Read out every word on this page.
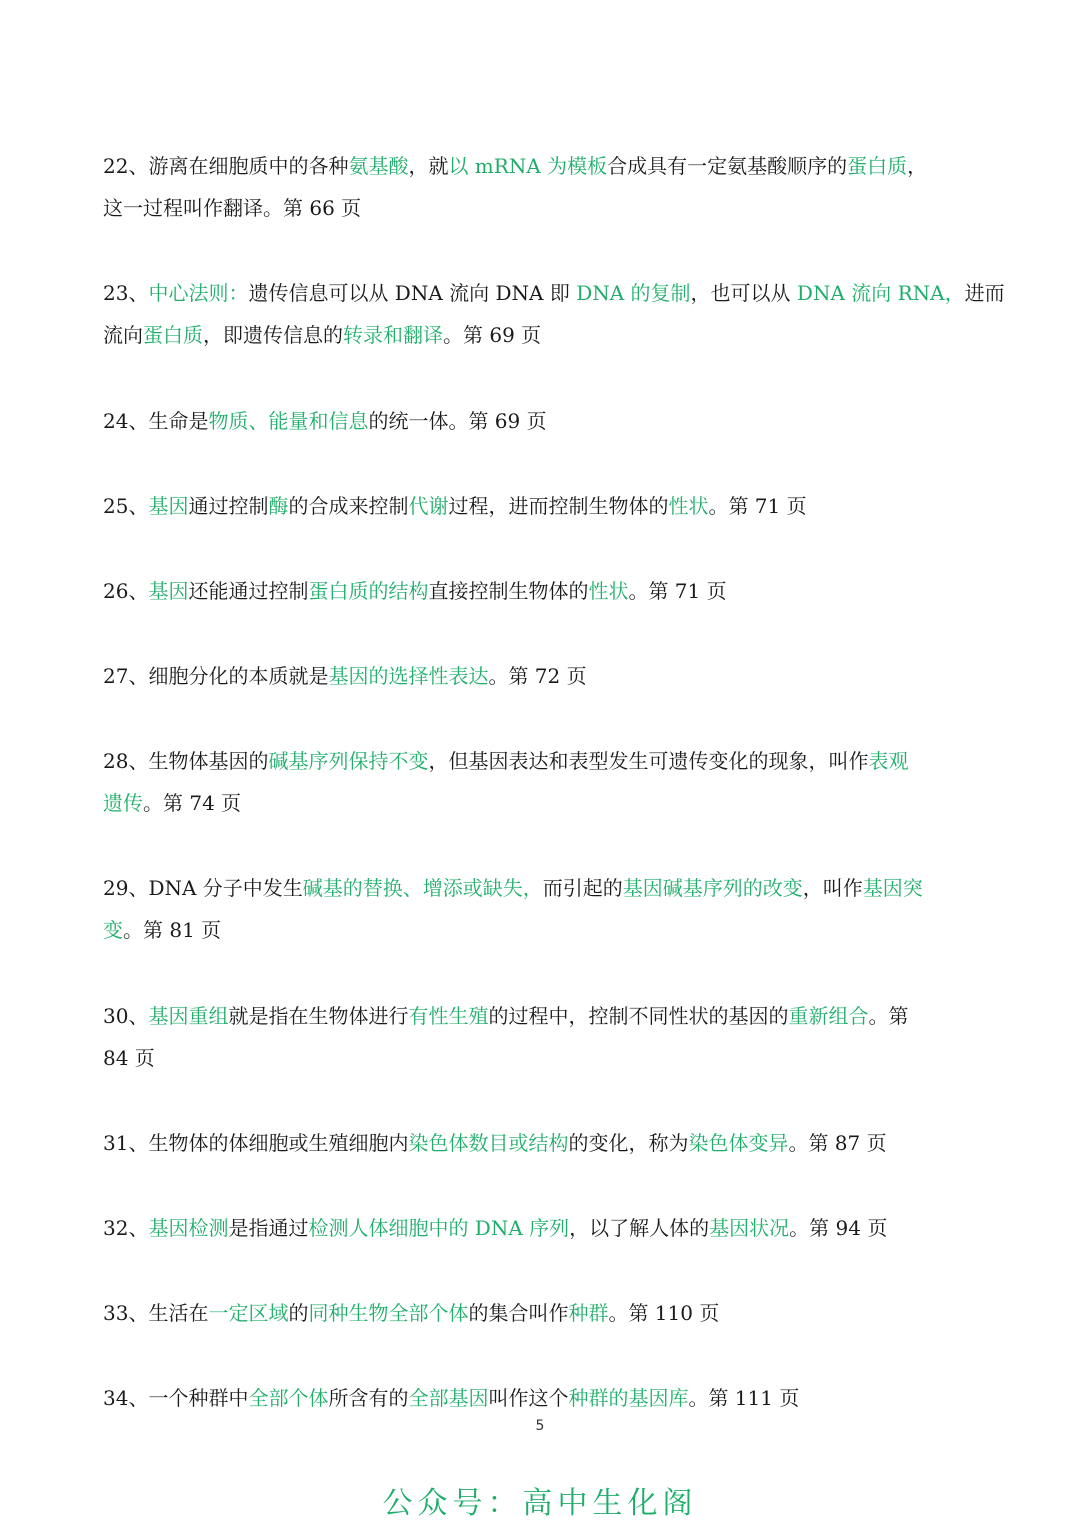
22、游离在细胞质中的各种氨基酸，就以 mRNA 为模板合成具有一定氨基酸顺序的蛋白质，
这一过程叫作翻译。第 66 页
23、中心法则：遗传信息可以从 DNA 流向 DNA 即 DNA 的复制，也可以从 DNA 流向 RNA，进而
流向蛋白质，即遗传信息的转录和翻译。第 69 页
24、生命是物质、能量和信息的统一体。第 69 页
25、基因通过控制酶的合成来控制代谢过程，进而控制生物体的性状。第 71 页
26、基因还能通过控制蛋白质的结构直接控制生物体的性状。第 71 页
27、细胞分化的本质就是基因的选择性表达。第 72 页
28、生物体基因的碱基序列保持不变，但基因表达和表型发生可遗传变化的现象，叫作表观
遗传。第 74 页
29、DNA 分子中发生碱基的替换、增添或缺失，而引起的基因碱基序列的改变，叫作基因突
变。第 81 页
30、基因重组就是指在生物体进行有性生殖的过程中，控制不同性状的基因的重新组合。第
84 页
31、生物体的体细胞或生殖细胞内染色体数目或结构的变化，称为染色体变异。第 87 页
32、基因检测是指通过检测人体细胞中的 DNA 序列，以了解人体的基因状况。第 94 页
33、生活在一定区域的同种生物全部个体的集合叫作种群。第 110 页
34、一个种群中全部个体所含有的全部基因叫作这个种群的基因库。第 111 页
5
公众号：高中生化阁
